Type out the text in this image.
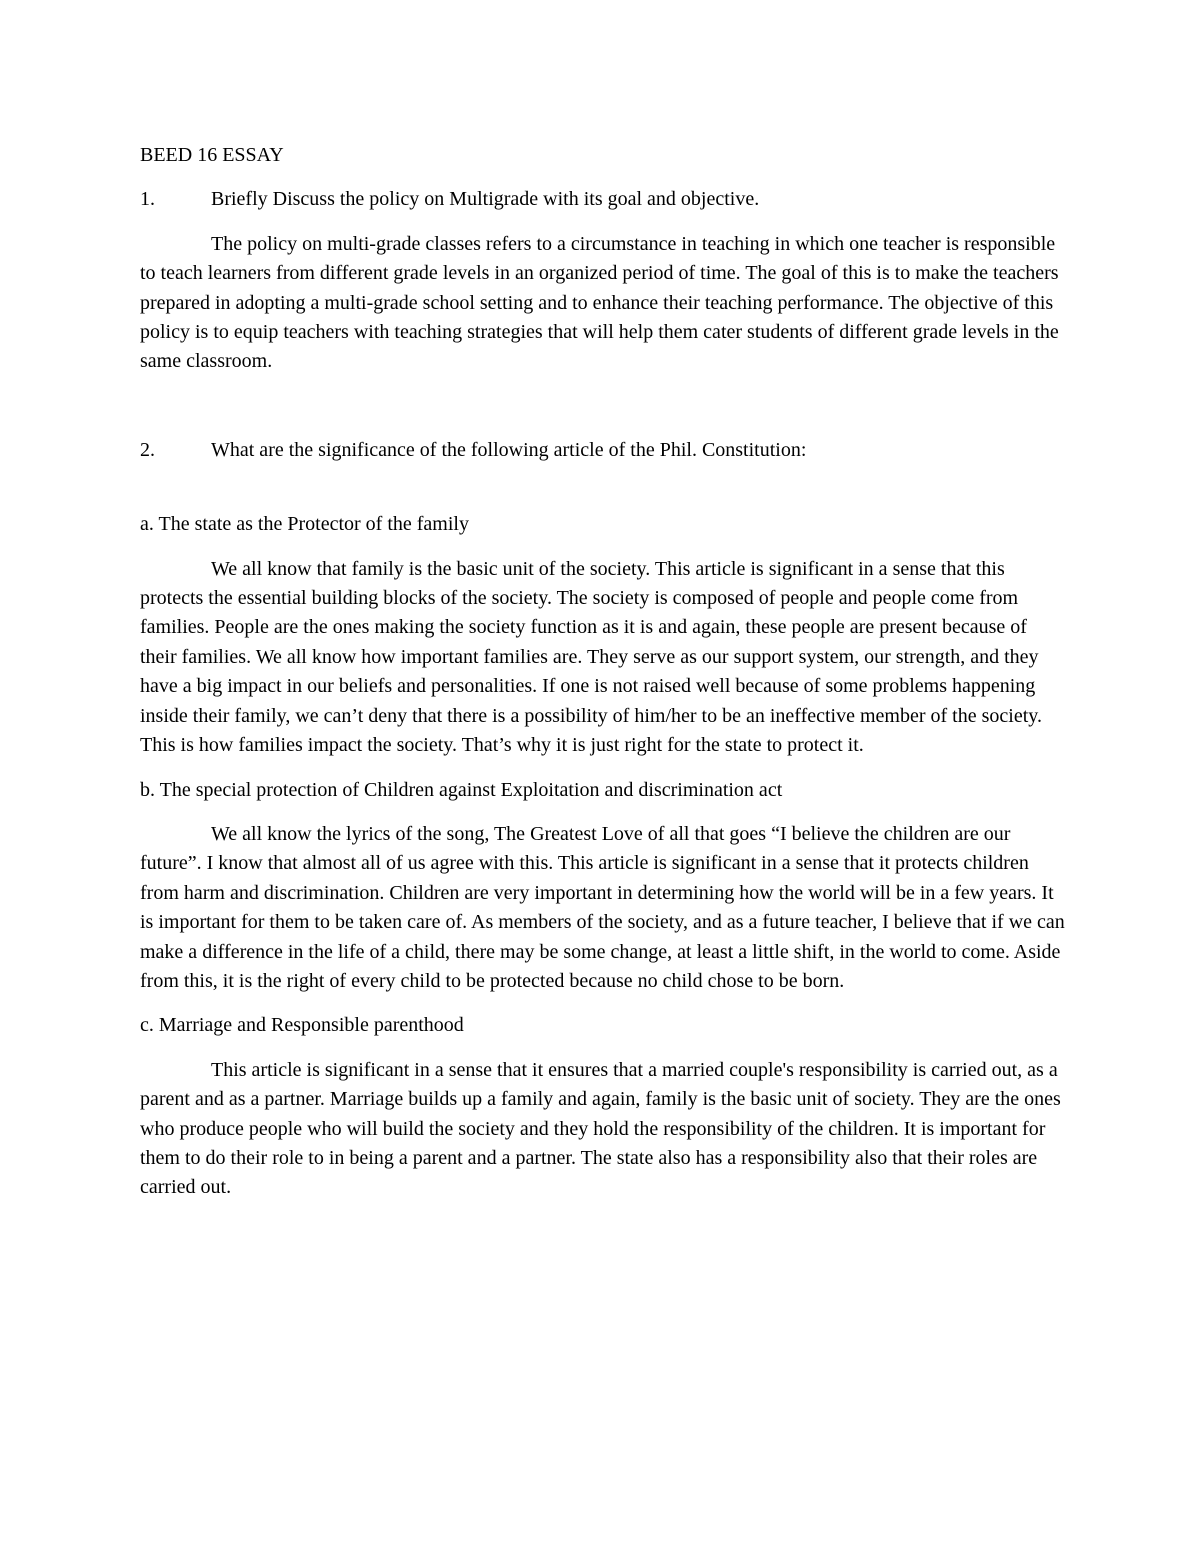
BEED 16 ESSAY
1.	Briefly Discuss the policy on Multigrade with its goal and objective.

The policy on multi-grade classes refers to a circumstance in teaching in which one teacher is responsible to teach learners from different grade levels in an organized period of time. The goal of this is to make the teachers prepared in adopting a multi-grade school setting and to enhance their teaching performance. The objective of this policy is to equip teachers with teaching strategies that will help them cater students of different grade levels in the same classroom.

2.	What are the significance of the following article of the Phil. Constitution:
a. The state as the Protector of the family

We all know that family is the basic unit of the society. This article is significant in a sense that this protects the essential building blocks of the society. The society is composed of people and people come from families. People are the ones making the society function as it is and again, these people are present because of their families. We all know how important families are. They serve as our support system, our strength, and they have a big impact in our beliefs and personalities. If one is not raised well because of some problems happening inside their family, we can’t deny that there is a possibility of him/her to be an ineffective member of the society. This is how families impact the society. That’s why it is just right for the state to protect it.

b. The special protection of Children against Exploitation and discrimination act

We all know the lyrics of the song, The Greatest Love of all that goes “I believe the children are our future”. I know that almost all of us agree with this. This article is significant in a sense that it protects children from harm and discrimination. Children are very important in determining how the world will be in a few years. It is important for them to be taken care of. As members of the society, and as a future teacher, I believe that if we can make a difference in the life of a child, there may be some change, at least a little shift, in the world to come. Aside from this, it is the right of every child to be protected because no child chose to be born.

c. Marriage and Responsible parenthood

This article is significant in a sense that it ensures that a married couple's responsibility is carried out, as a parent and as a partner. Marriage builds up a family and again, family is the basic unit of society. They are the ones who produce people who will build the society and they hold the responsibility of the children. It is important for them to do their role to in being a parent and a partner. The state also has a responsibility also that their roles are carried out.
